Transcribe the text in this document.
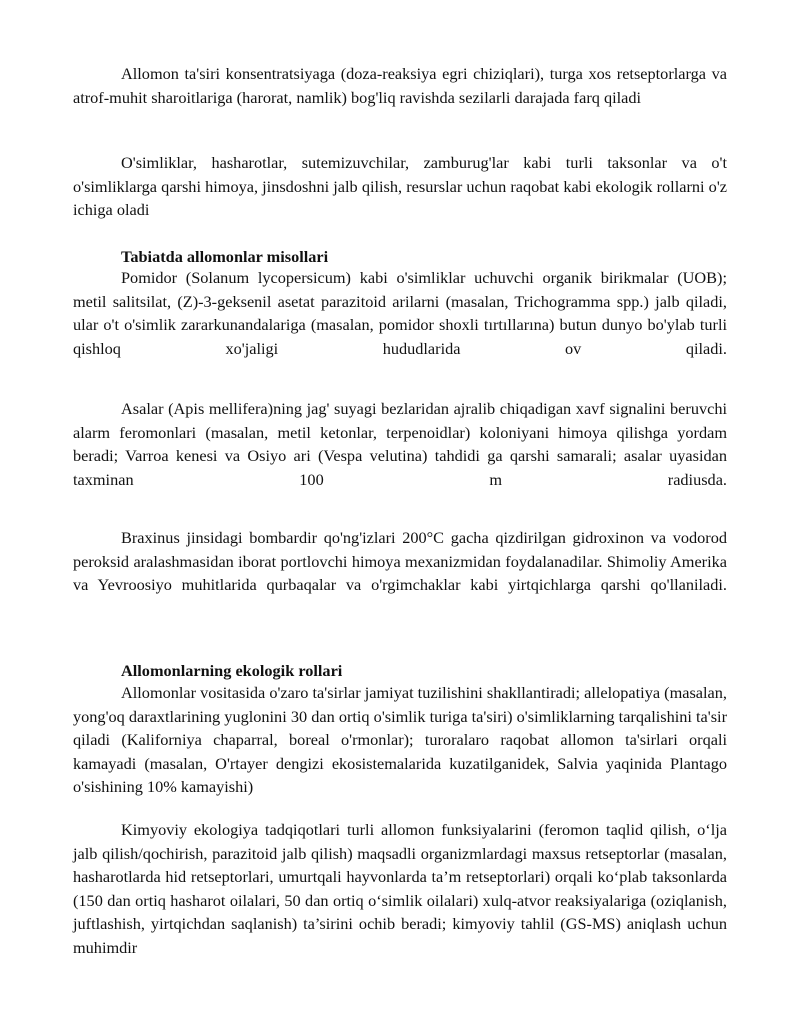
Allomon ta'siri konsentratsiyaga (doza-reaksiya egri chiziqlari), turga xos retseptorlarga va atrof-muhit sharoitlariga (harorat, namlik) bog'liq ravishda sezilarli darajada farq qiladi

O'simliklar, hasharotlar, sutemizuvchilar, zamburug'lar kabi turli taksonlar va o't o'simliklarga qarshi himoya, jinsdoshni jalb qilish, resurslar uchun raqobat kabi ekologik rollarni o'z ichiga oladi

Tabiatda allomonlar misollari

Pomidor (Solanum lycopersicum) kabi o'simliklar uchuvchi organik birikmalar (UOB); metil salitsilat, (Z)-3-geksenil asetat parazitoid arilarni (masalan, Trichogramma spp.) jalb qiladi, ular o't o'simlik zararkunandalariga (masalan, pomidor shoxli tırtıllarına) butun dunyo bo'ylab turli qishloq xo'jaligi hududlarida ov qiladi.

Asalar (Apis mellifera)ning jag' suyagi bezlaridan ajralib chiqadigan xavf signalini beruvchi alarm feromonlari (masalan, metil ketonlar, terpenoidlar) koloniyani himoya qilishga yordam beradi; Varroa kenesi va Osiyo ari (Vespa velutina) tahdidi ga qarshi samarali; asalar uyasidan taxminan 100 m radiusda.

Braxinus jinsidagi bombardir qo'ng'izlari 200°C gacha qizdirilgan gidroxinon va vodorod peroksid aralashmasidan iborat portlovchi himoya mexanizmidan foydalanadilar. Shimoliy Amerika va Yevroosiyo muhitlarida qurbaqalar va o'rgimchaklar kabi yirtqichlarga qarshi qo'llaniladi.

Allomonlarning ekologik rollari

Allomonlar vositasida o'zaro ta'sirlar jamiyat tuzilishini shakllantiradi; allelopatiya (masalan, yong'oq daraxtlarining yuglonini 30 dan ortiq o'simlik turiga ta'siri) o'simliklarning tarqalishini ta'sir qiladi (Kaliforniya chaparral, boreal o'rmonlar); turoralaro raqobat allomon ta'sirlari orqali kamayadi (masalan, O'rtayer dengizi ekosistemalarida kuzatilganidek, Salvia yaqinida Plantago o'sishining 10% kamayishi)

Kimyoviy ekologiya tadqiqotlari turli allomon funksiyalarini (feromon taqlid qilish, o‘lja jalb qilish/qochirish, parazitoid jalb qilish) maqsadli organizmlardagi maxsus retseptorlar (masalan, hasharotlarda hid retseptorlari, umurtqali hayvonlarda ta’m retseptorlari) orqali ko‘plab taksonlarda (150 dan ortiq hasharot oilalari, 50 dan ortiq o‘simlik oilalari) xulq-atvor reaksiyalariga (oziqlanish, juftlashish, yirtqichdan saqlanish) ta’sirini ochib beradi; kimyoviy tahlil (GS-MS) aniqlash uchun muhimdir
